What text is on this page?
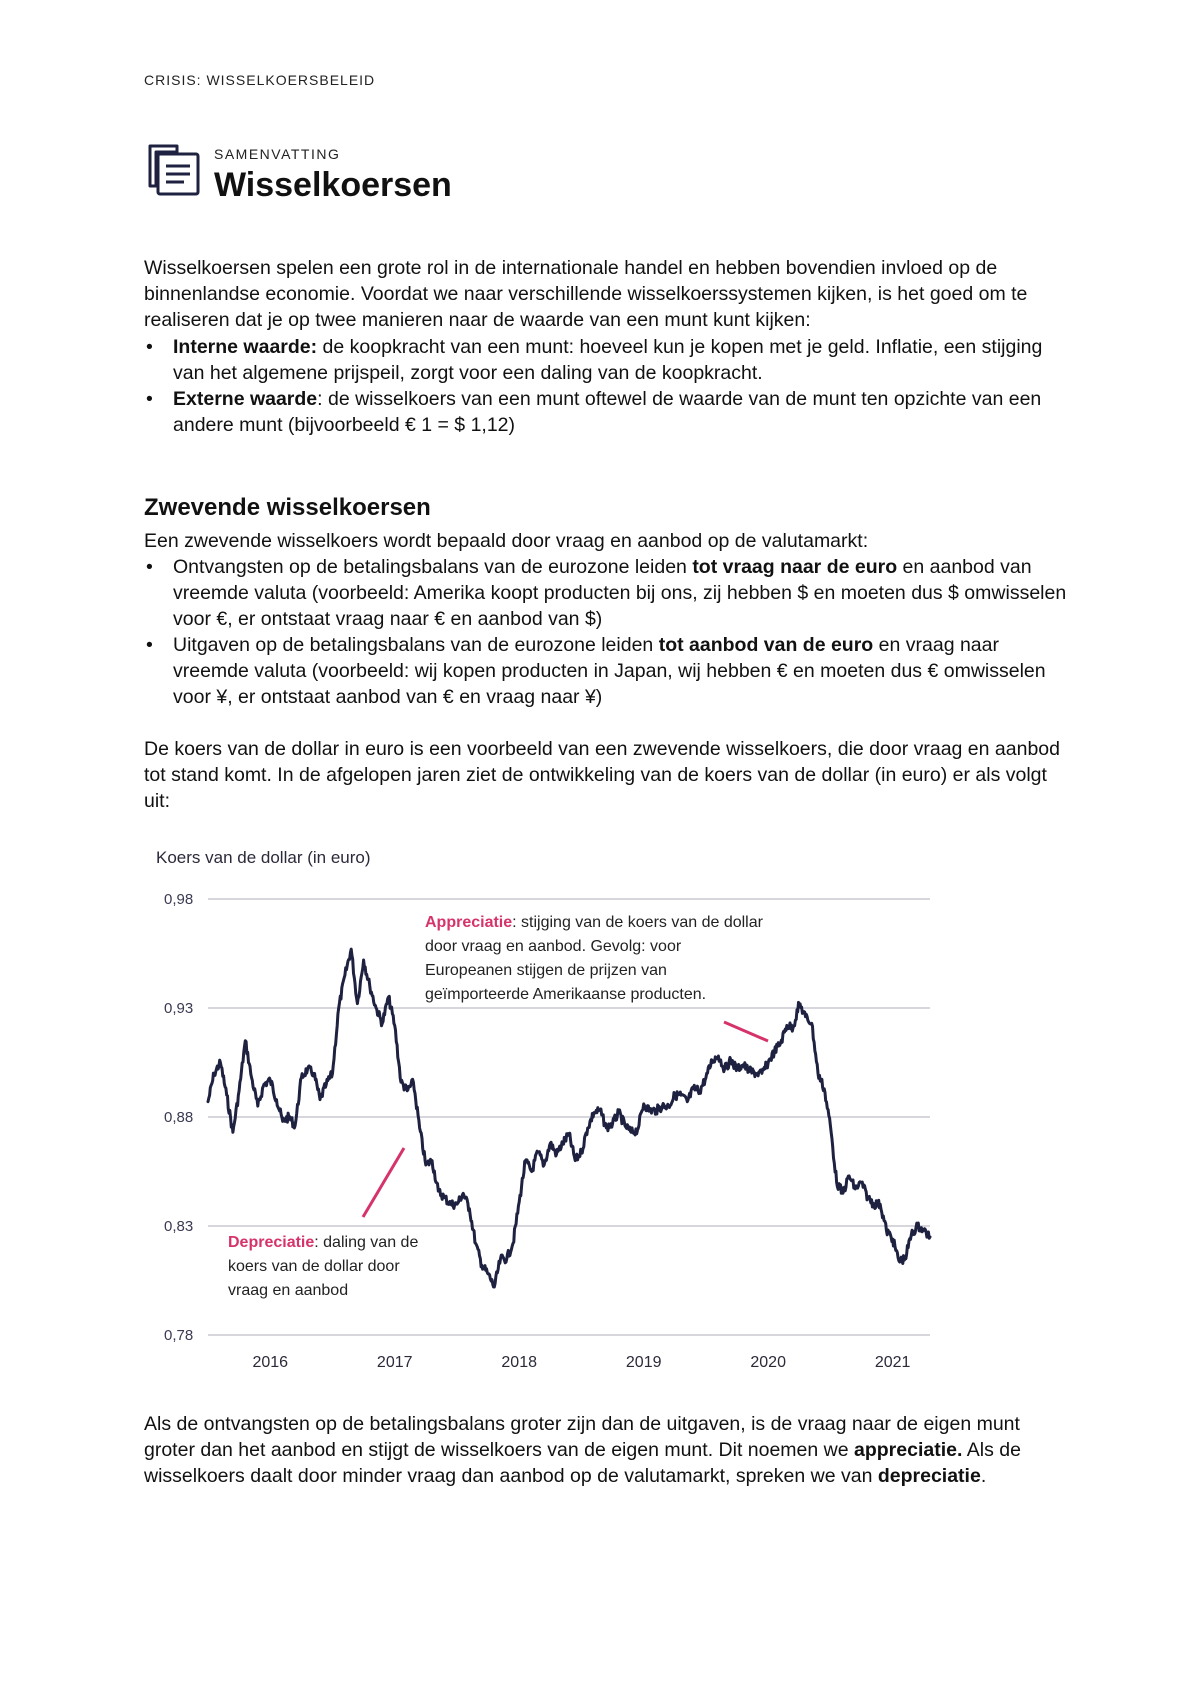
CRISIS: WISSELKOERSBELEID
SAMENVATTING
Wisselkoersen

Wisselkoersen spelen een grote rol in de internationale handel en hebben bovendien invloed op de binnenlandse economie. Voordat we naar verschillende wisselkoerssystemen kijken, is het goed om te realiseren dat je op twee manieren naar de waarde van een munt kunt kijken:

• Interne waarde: de koopkracht van een munt: hoeveel kun je kopen met je geld. Inflatie, een stijging van het algemene prijspeil, zorgt voor een daling van de koopkracht.
• Externe waarde: de wisselkoers van een munt oftewel de waarde van de munt ten opzichte van een andere munt (bijvoorbeeld € 1 = $ 1,12)
Zwevende wisselkoersen

Een zwevende wisselkoers wordt bepaald door vraag en aanbod op de valutamarkt:

• Ontvangsten op de betalingsbalans van de eurozone leiden tot vraag naar de euro en aanbod van vreemde valuta (voorbeeld: Amerika koopt producten bij ons, zij hebben $ en moeten dus $ omwisselen voor €, er ontstaat vraag naar € en aanbod van $)
• Uitgaven op de betalingsbalans van de eurozone leiden tot aanbod van de euro en vraag naar vreemde valuta (voorbeeld: wij kopen producten in Japan, wij hebben € en moeten dus € omwisselen voor ¥, er ontstaat aanbod van € en vraag naar ¥)

De koers van de dollar in euro is een voorbeeld van een zwevende wisselkoers, die door vraag en aanbod tot stand komt. In de afgelopen jaren ziet de ontwikkeling van de koers van de dollar (in euro) er als volgt uit:

Koers van de dollar (in euro)
0,98
0,93
0,88
0,83
0,78
2016	2017	2018	2019	2020	2021
Appreciatie: stijging van de koers van de dollar door vraag en aanbod. Gevolg: voor Europeanen stijgen de prijzen van geïmporteerde Amerikaanse producten.
Depreciatie: daling van de koers van de dollar door vraag en aanbod

Als de ontvangsten op de betalingsbalans groter zijn dan de uitgaven, is de vraag naar de eigen munt groter dan het aanbod en stijgt de wisselkoers van de eigen munt. Dit noemen we appreciatie. Als de wisselkoers daalt door minder vraag dan aanbod op de valutamarkt, spreken we van depreciatie.
